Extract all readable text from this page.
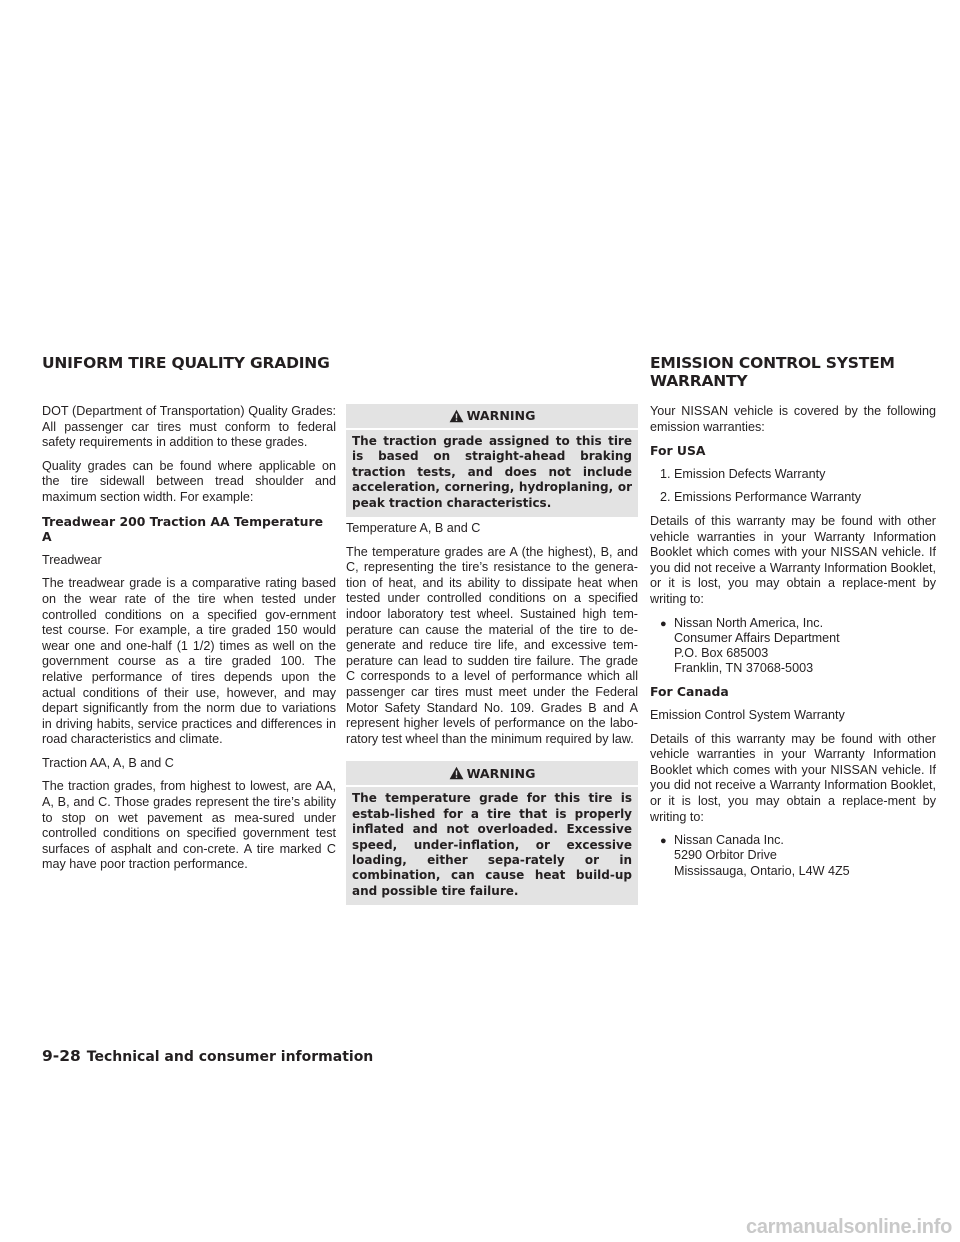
UNIFORM TIRE QUALITY GRADING	EMISSION CONTROL SYSTEM
WARRANTY

DOT (Department of Transportation) Quality Grades: All passenger car tires must conform to federal safety requirements in addition to these grades.

Quality grades can be found where applicable on the tire sidewall between tread shoulder and maximum section width. For example:

Treadwear 200 Traction AA Temperature A

Treadwear

The treadwear grade is a comparative rating based on the wear rate of the tire when tested under controlled conditions on a specified gov-ernment test course. For example, a tire graded 150 would wear one and one-half (1 1/2) times as well on the government course as a tire graded 100. The relative performance of tires depends upon the actual conditions of their use, however, and may depart significantly from the norm due to variations in driving habits, service practices and differences in road characteristics and climate.

Traction AA, A, B and C

The traction grades, from highest to lowest, are AA, A, B, and C. Those grades represent the tire’s ability to stop on wet pavement as mea-sured under controlled conditions on specified government test surfaces of asphalt and con-crete. A tire marked C may have poor traction performance.

WARNING
The traction grade assigned to this tire is based on straight-ahead braking traction tests, and does not include acceleration, cornering, hydroplaning, or peak traction characteristics.

Temperature A, B and C

The temperature grades are A (the highest), B, and C, representing the tire’s resistance to the genera-tion of heat, and its ability to dissipate heat when tested under controlled conditions on a specified indoor laboratory test wheel. Sustained high tem-perature can cause the material of the tire to de-generate and reduce tire life, and excessive tem-perature can lead to sudden tire failure. The grade C corresponds to a level of performance which all passenger car tires must meet under the Federal Motor Safety Standard No. 109. Grades B and A represent higher levels of performance on the labo-ratory test wheel than the minimum required by law.

WARNING
The temperature grade for this tire is estab-lished for a tire that is properly inflated and not overloaded. Excessive speed, under-inflation, or excessive loading, either sepa-rately or in combination, can cause heat build-up and possible tire failure.

Your NISSAN vehicle is covered by the following emission warranties:

For USA

1. Emission Defects Warranty
2. Emissions Performance Warranty

Details of this warranty may be found with other vehicle warranties in your Warranty Information Booklet which comes with your NISSAN vehicle. If you did not receive a Warranty Information Booklet, or it is lost, you may obtain a replace-ment by writing to:

● Nissan North America, Inc.
Consumer Affairs Department
P.O. Box 685003
Franklin, TN 37068-5003

For Canada

Emission Control System Warranty

Details of this warranty may be found with other vehicle warranties in your Warranty Information Booklet which comes with your NISSAN vehicle. If you did not receive a Warranty Information Booklet, or it is lost, you may obtain a replace-ment by writing to:

● Nissan Canada Inc.
5290 Orbitor Drive
Mississauga, Ontario, L4W 4Z5
9-28 Technical and consumer information
carmanualsonline.info
